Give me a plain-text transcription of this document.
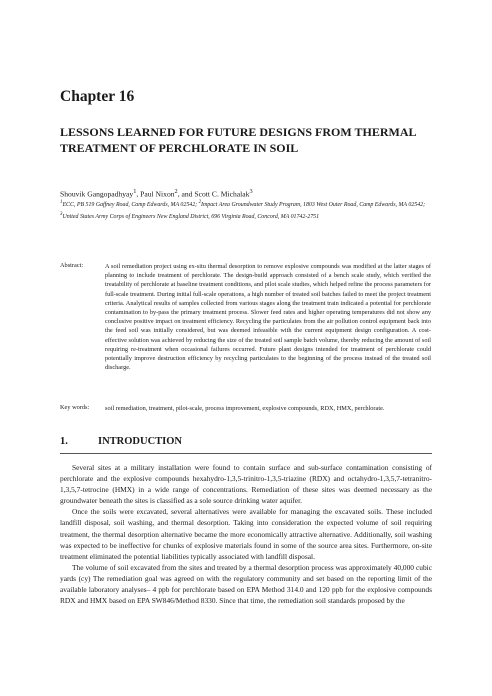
Chapter 16
LESSONS LEARNED FOR FUTURE DESIGNS FROM THERMAL TREATMENT OF PERCHLORATE IN SOIL

Shouvik Gangopadhyay$^1$, Paul Nixon$^2$, and Scott C. Michalak$^3$

$^1$ECC, PB 519 Gaffney Road, Camp Edwards, MA 02542; $^2$Impact Area Groundwater Study Program, 1803 West Outer Road, Camp Edwards, MA 02542; $^3$United States Army Corps of Engineers New England District, 696 Virginia Road, Concord, MA 01742-2751

Abstract:	A soil remediation project using ex-situ thermal desorption to remove explosive compounds was modified at the latter stages of planning to include treatment of perchlorate. The design-build approach consisted of a bench scale study, which verified the treatability of perchlorate at baseline treatment conditions, and pilot scale studies, which helped refine the process parameters for full-scale treatment. During initial full-scale operations, a high number of treated soil batches failed to meet the project treatment criteria. Analytical results of samples collected from various stages along the treatment train indicated a potential for perchlorate contamination to by-pass the primary treatment process. Slower feed rates and higher operating temperatures did not show any conclusive positive impact on treatment efficiency. Recycling the particulates from the air pollution control equipment back into the feed soil was initially considered, but was deemed infeasible with the current equipment design configuration. A cost-effective solution was achieved by reducing the size of the treated soil sample batch volume, thereby reducing the amount of soil requiring re-treatment when occasional failures occurred. Future plant designs intended for treatment of perchlorate could potentially improve destruction efficiency by recycling particulates to the beginning of the process instead of the treated soil discharge.

Key words:	soil remediation, treatment, pilot-scale, process improvement, explosive compounds, RDX, HMX, perchlorate.

1.	INTRODUCTION

Several sites at a military installation were found to contain surface and sub-surface contamination consisting of perchlorate and the explosive compounds hexahydro-1,3,5-trinitro-1,3,5-triazine (RDX) and octahydro-1,3,5,7-tetranitro-1,3,5,7-tetrocine (HMX) in a wide range of concentrations. Remediation of these sites was deemed necessary as the groundwater beneath the sites is classified as a sole source drinking water aquifer.

Once the soils were excavated, several alternatives were available for managing the excavated soils. These included landfill disposal, soil washing, and thermal desorption. Taking into consideration the expected volume of soil requiring treatment, the thermal desorption alternative became the more economically attractive alternative. Additionally, soil washing was expected to be ineffective for chunks of explosive materials found in some of the source area sites. Furthermore, on-site treatment eliminated the potential liabilities typically associated with landfill disposal.

The volume of soil excavated from the sites and treated by a thermal desorption process was approximately 40,000 cubic yards (cy) The remediation goal was agreed on with the regulatory community and set based on the reporting limit of the available laboratory analyses– 4 ppb for perchlorate based on EPA Method 314.0 and 120 ppb for the explosive compounds RDX and HMX based on EPA SW846/Method 8330. Since that time, the remediation soil standards proposed by the
